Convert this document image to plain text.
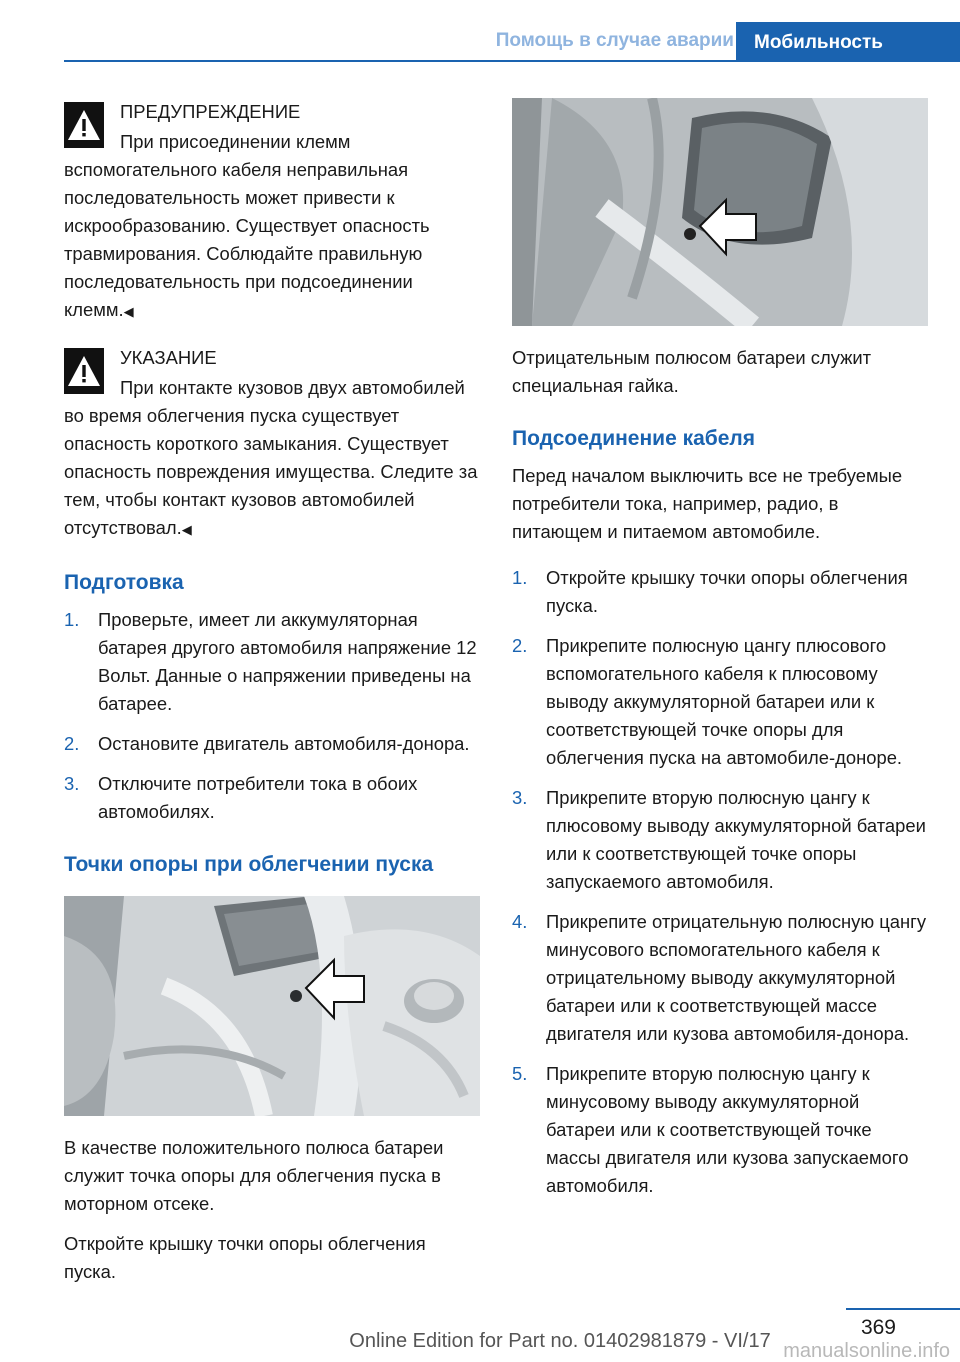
Помощь в случае аварии	Мобильность
ПРЕДУПРЕЖДЕНИЕ

При присоединении клемм вспомогательного кабеля неправильная последовательность может привести к искрообразованию. Существует опасность травмирования. Соблюдайте правильную последовательность при подсоединении клемм.◀

УКАЗАНИЕ

При контакте кузовов двух автомобилей во время облегчения пуска существует опасность короткого замыкания. Существует опасность повреждения имущества. Следите за тем, чтобы контакт кузовов автомобилей отсутствовал.◀

Подготовка
1. Проверьте, имеет ли аккумуляторная батарея другого автомобиля напряжение 12 Вольт. Данные о напряжении приведены на батарее.
2. Остановите двигатель автомобиля-донора.
3. Отключите потребители тока в обоих автомобилях.
Точки опоры при облегчении пуска

В качестве положительного полюса батареи служит точка опоры для облегчения пуска в моторном отсеке.

Откройте крышку точки опоры облегчения пуска.

Отрицательным полюсом батареи служит специальная гайка.

Подсоединение кабеля

Перед началом выключить все не требуемые потребители тока, например, радио, в питающем и питаемом автомобиле.

1. Откройте крышку точки опоры облегчения пуска.
2. Прикрепите полюсную цангу плюсового вспомогательного кабеля к плюсовому выводу аккумуляторной батареи или к соответствующей точке опоры для облегчения пуска на автомобиле-доноре.
3. Прикрепите вторую полюсную цангу к плюсовому выводу аккумуляторной батареи или к соответствующей точке опоры запускаемого автомобиля.
4. Прикрепите отрицательную полюсную цангу минусового вспомогательного кабеля к отрицательному выводу аккумуляторной батареи или к соответствующей массе двигателя или кузова автомобиля-донора.
5. Прикрепите вторую полюсную цангу к минусовому выводу аккумуляторной батареи или к соответствующей точке массы двигателя или кузова запускаемого автомобиля.
369
Online Edition for Part no. 01402981879 - VI/17 manualsonline.info
